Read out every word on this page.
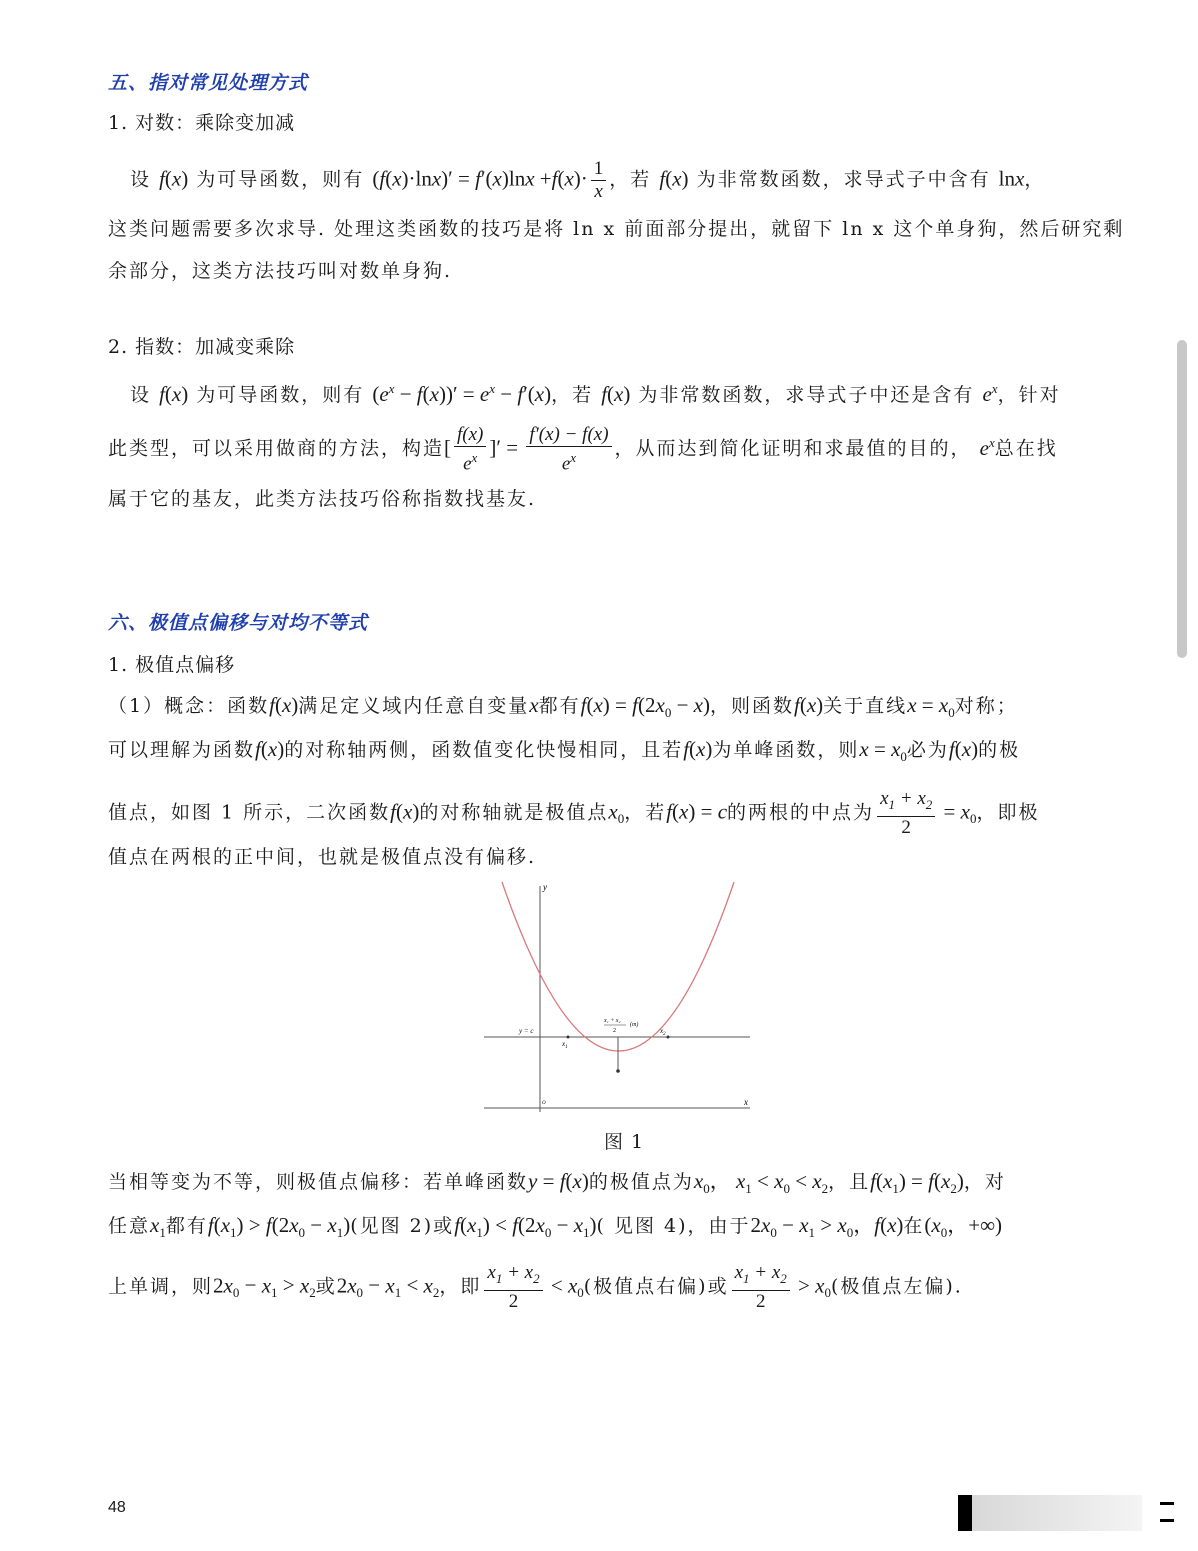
五、指对常见处理方式
1. 对数：乘除变加减
设 f(x) 为可导函数，则有 $(f(x)\cdot\ln x)' = f'(x)\ln x +f(x)\cdot \frac{1}{x}$ ，若 f(x) 为非常数函数，求导式子中含有 lnx，
这类问题需要多次求导. 处理这类函数的技巧是将 ln x 前面部分提出，就留下 ln x 这个单身狗，然后研究剩
余部分，这类方法技巧叫对数单身狗.
2. 指数：加减变乘除
设 f(x) 为可导函数，则有 $(e^x - f(x))' = e^x - f'(x)$，若 f(x) 为非常数函数，求导式子中还是含有 $e^x$，针对
此类型，可以采用做商的方法，构造[ $\frac{f(x)}{e^x}$ ]′ = $\frac{f'(x) - f(x)}{e^x}$ ，从而达到简化证明和求最值的目的， $e^x$总在找
属于它的基友，此类方法技巧俗称指数找基友.
六、极值点偏移与对均不等式
1. 极值点偏移
（1）概念：函数f(x)满足定义域内任意自变量x都有$f(x) = f(2x_0 - x)$，则函数f(x)关于直线$x = x_0$对称；
可以理解为函数f(x)的对称轴两侧，函数值变化快慢相同，且若f(x)为单峰函数，则$x = x_0$必为f(x)的极
值点，如图 1 所示，二次函数f(x)的对称轴就是极值点$x_0$，若f(x) = c的两根的中点为 $\frac{x_1 + x_2}{2} = x_0$，即极
值点在两根的正中间，也就是极值点没有偏移.
y
x
y = c
$x_1$
$x_2$
x₁ + x₂
2
(m)
O
图 1
当相等变为不等，则极值点偏移：若单峰函数y = f(x)的极值点为$x_0$， $x_1 < x_0 < x_2$，且$f(x_1) = f(x_2)$，对
任意$x_1$都有$f(x_1) > f(2x_0 - x_1)$(见图 2)或$f(x_1) < f(2x_0 - x_1)$( 见图 4)，由于$2x_0 - x_1 > x_0$，f(x)在($x_0$，+∞)
上单调，则$2x_0 - x_1 > x_2$或$2x_0 - x_1 < x_2$，即 $\frac{x_1 + x_2}{2} < x_0$(极值点右偏)或 $\frac{x_1 + x_2}{2} > x_0$(极值点左偏).
48
